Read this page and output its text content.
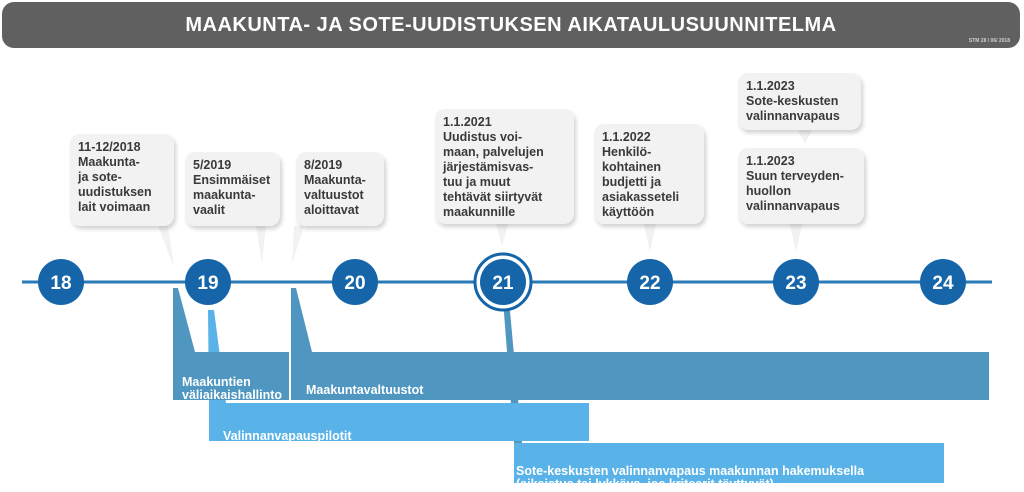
MAAKUNTA- JA SOTE-UUDISTUKSEN AIKATAULUSUUNNITELMA
STM 28 / 06/ 2018
18	19	20	21	22	23	24
11-12/2018
Maakunta-
ja sote-
uudistuksen
lait voimaan
5/2019
Ensimmäiset
maakunta-
vaalit
8/2019
Maakunta-
valtuustot
aloittavat
1.1.2021
Uudistus voi-
maan, palvelujen
järjestämisvas-
tuu ja muut
tehtävät siirtyvät
maakunnille
1.1.2022
Henkilö-
kohtainen
budjetti ja
asiakasseteli
käyttöön
1.1.2023
Sote-keskusten
valinnanvapaus
1.1.2023
Suun terveyden-
huollon
valinnanvapaus

Maakuntien
väliaikaishallinto	Maakuntavaltuustot

Valinnanvapauspilotit

Sote-keskusten valinnanvapaus maakunnan hakemuksella
(aikaistus tai lykkäys, jos kriteerit täyttyvät)
